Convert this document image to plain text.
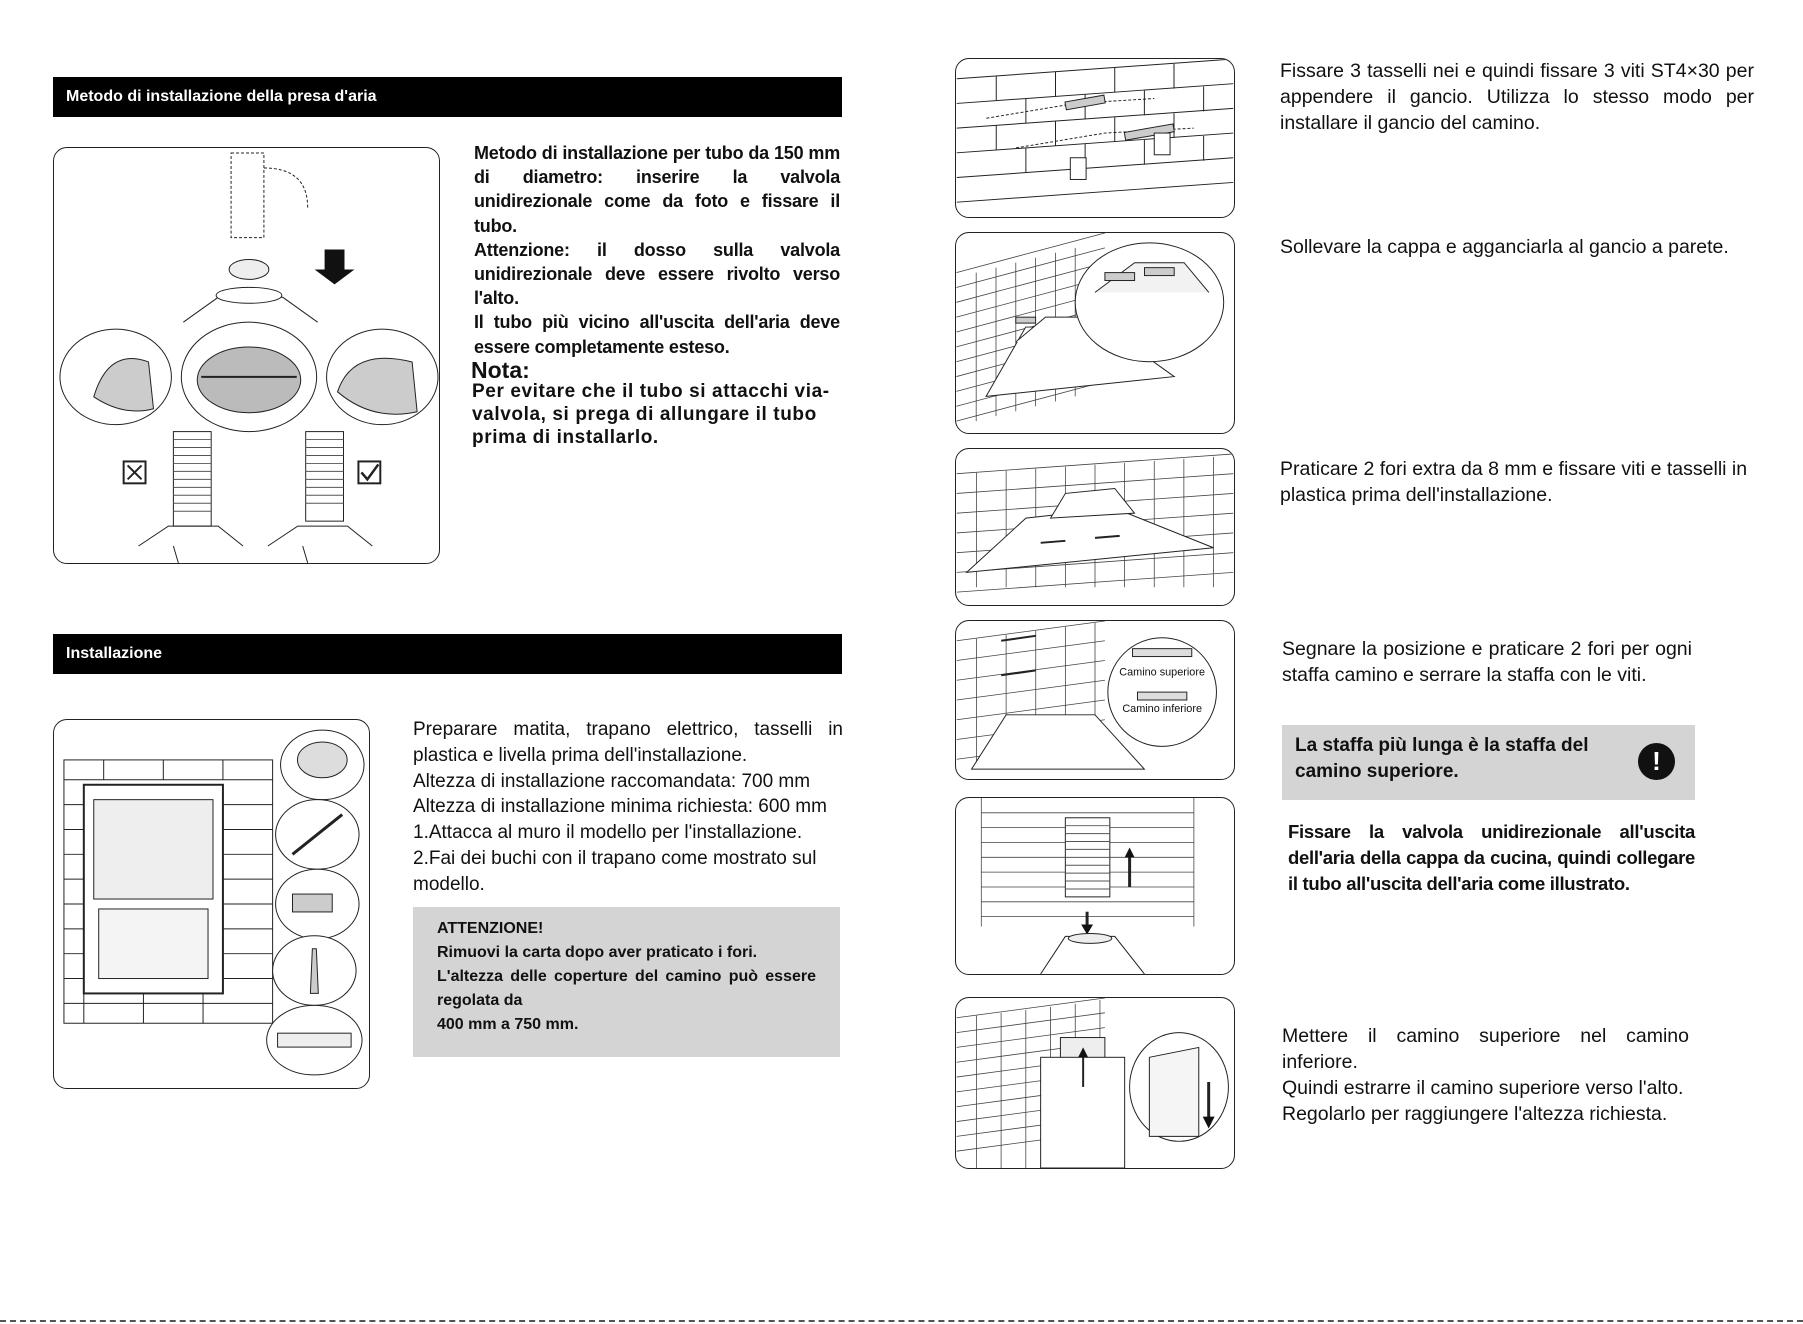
Metodo di installazione della presa d'aria
Metodo di installazione per tubo da 150 mm di diametro: inserire la valvola unidirezionale come da foto e fissare il tubo.
Attenzione: il dosso sulla valvola unidirezionale deve essere rivolto verso l'alto.
Il tubo più vicino all'uscita dell'aria deve essere completamente esteso.
Nota:
Per evitare che il tubo si attacchi via-valvola, si prega di allungare il tubo prima di installarlo.
Installazione
Preparare matita, trapano elettrico, tasselli in plastica e livella prima dell'installazione.
Altezza di installazione raccomandata: 700 mm
Altezza di installazione minima richiesta: 600 mm
1.Attacca al muro il modello per l'installazione.
2.Fai dei buchi con il trapano come mostrato sul modello.
ATTENZIONE!
Rimuovi la carta dopo aver praticato i fori.
L'altezza delle coperture del camino può essere regolata da
400 mm a 750 mm.
Fissare 3 tasselli nei e quindi fissare 3 viti ST4×30 per appendere il gancio. Utilizza lo stesso modo per installare il gancio del camino.
Sollevare la cappa e agganciarla al gancio a parete.
Praticare 2 fori extra da 8 mm e fissare viti e tasselli in plastica prima dell'installazione.
Camino superiore
Camino inferiore
Segnare la posizione e praticare 2 fori per ogni staffa camino e serrare la staffa con le viti.
La staffa più lunga è la staffa del camino superiore.	!
Fissare la valvola unidirezionale all'uscita dell'aria della cappa da cucina, quindi collegare il tubo all'uscita dell'aria come illustrato.
Mettere il camino superiore nel camino inferiore.
Quindi estrarre il camino superiore verso l'alto.
Regolarlo per raggiungere l'altezza richiesta.
